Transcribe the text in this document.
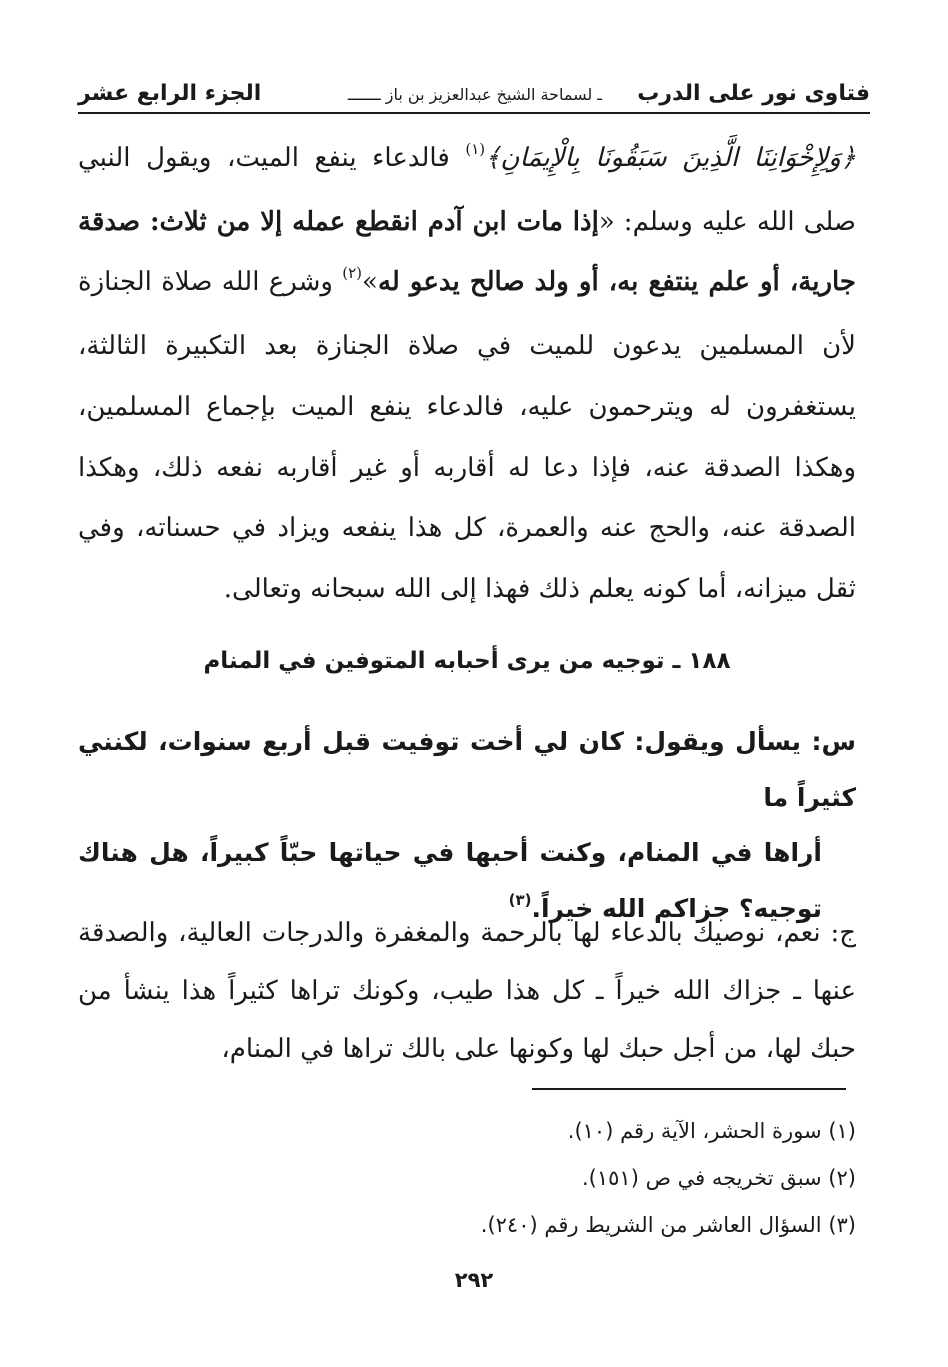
فتاوى نور على الدرب
ـ لسماحة الشيخ عبدالعزيز بن باز ـــــــ
الجزء الرابع عشر

﴿وَلِإِخْوَانِنَا الَّذِينَ سَبَقُونَا بِالْإِيمَانِ﴾$^{(١)}$ فالدعاء ينفع الميت، ويقول النبي صلى الله عليه وسلم: «إذا مات ابن آدم انقطع عمله إلا من ثلاث: صدقة جارية، أو علم ينتفع به، أو ولد صالح يدعو له»$^{(٢)}$ وشرع الله صلاة الجنازة لأن المسلمين يدعون للميت في صلاة الجنازة بعد التكبيرة الثالثة، يستغفرون له ويترحمون عليه، فالدعاء ينفع الميت بإجماع المسلمين، وهكذا الصدقة عنه، فإذا دعا له أقاربه أو غير أقاربه نفعه ذلك، وهكذا الصدقة عنه، والحج عنه والعمرة، كل هذا ينفعه ويزاد في حسناته، وفي ثقل ميزانه، أما كونه يعلم ذلك فهذا إلى الله سبحانه وتعالى.

١٨٨ ـ توجيه من يرى أحبابه المتوفين في المنام

س: يسأل ويقول: كان لي أخت توفيت قبل أربع سنوات، لكنني كثيراً ما
أراها في المنام، وكنت أحبها في حياتها حبّاً كبيراً، هل هناك توجيه؟ جزاكم الله خيراً.$^{(٣)}$

ج: نعم، نوصيك بالدعاء لها بالرحمة والمغفرة والدرجات العالية، والصدقة عنها ـ جزاك الله خيراً ـ كل هذا طيب، وكونك تراها كثيراً هذا ينشأ من حبك لها، من أجل حبك لها وكونها على بالك تراها في المنام،

(١) سورة الحشر، الآية رقم (١٠).
(٢) سبق تخريجه في ص (١٥١).
(٣) السؤال العاشر من الشريط رقم (٢٤٠).
٢٩٢
